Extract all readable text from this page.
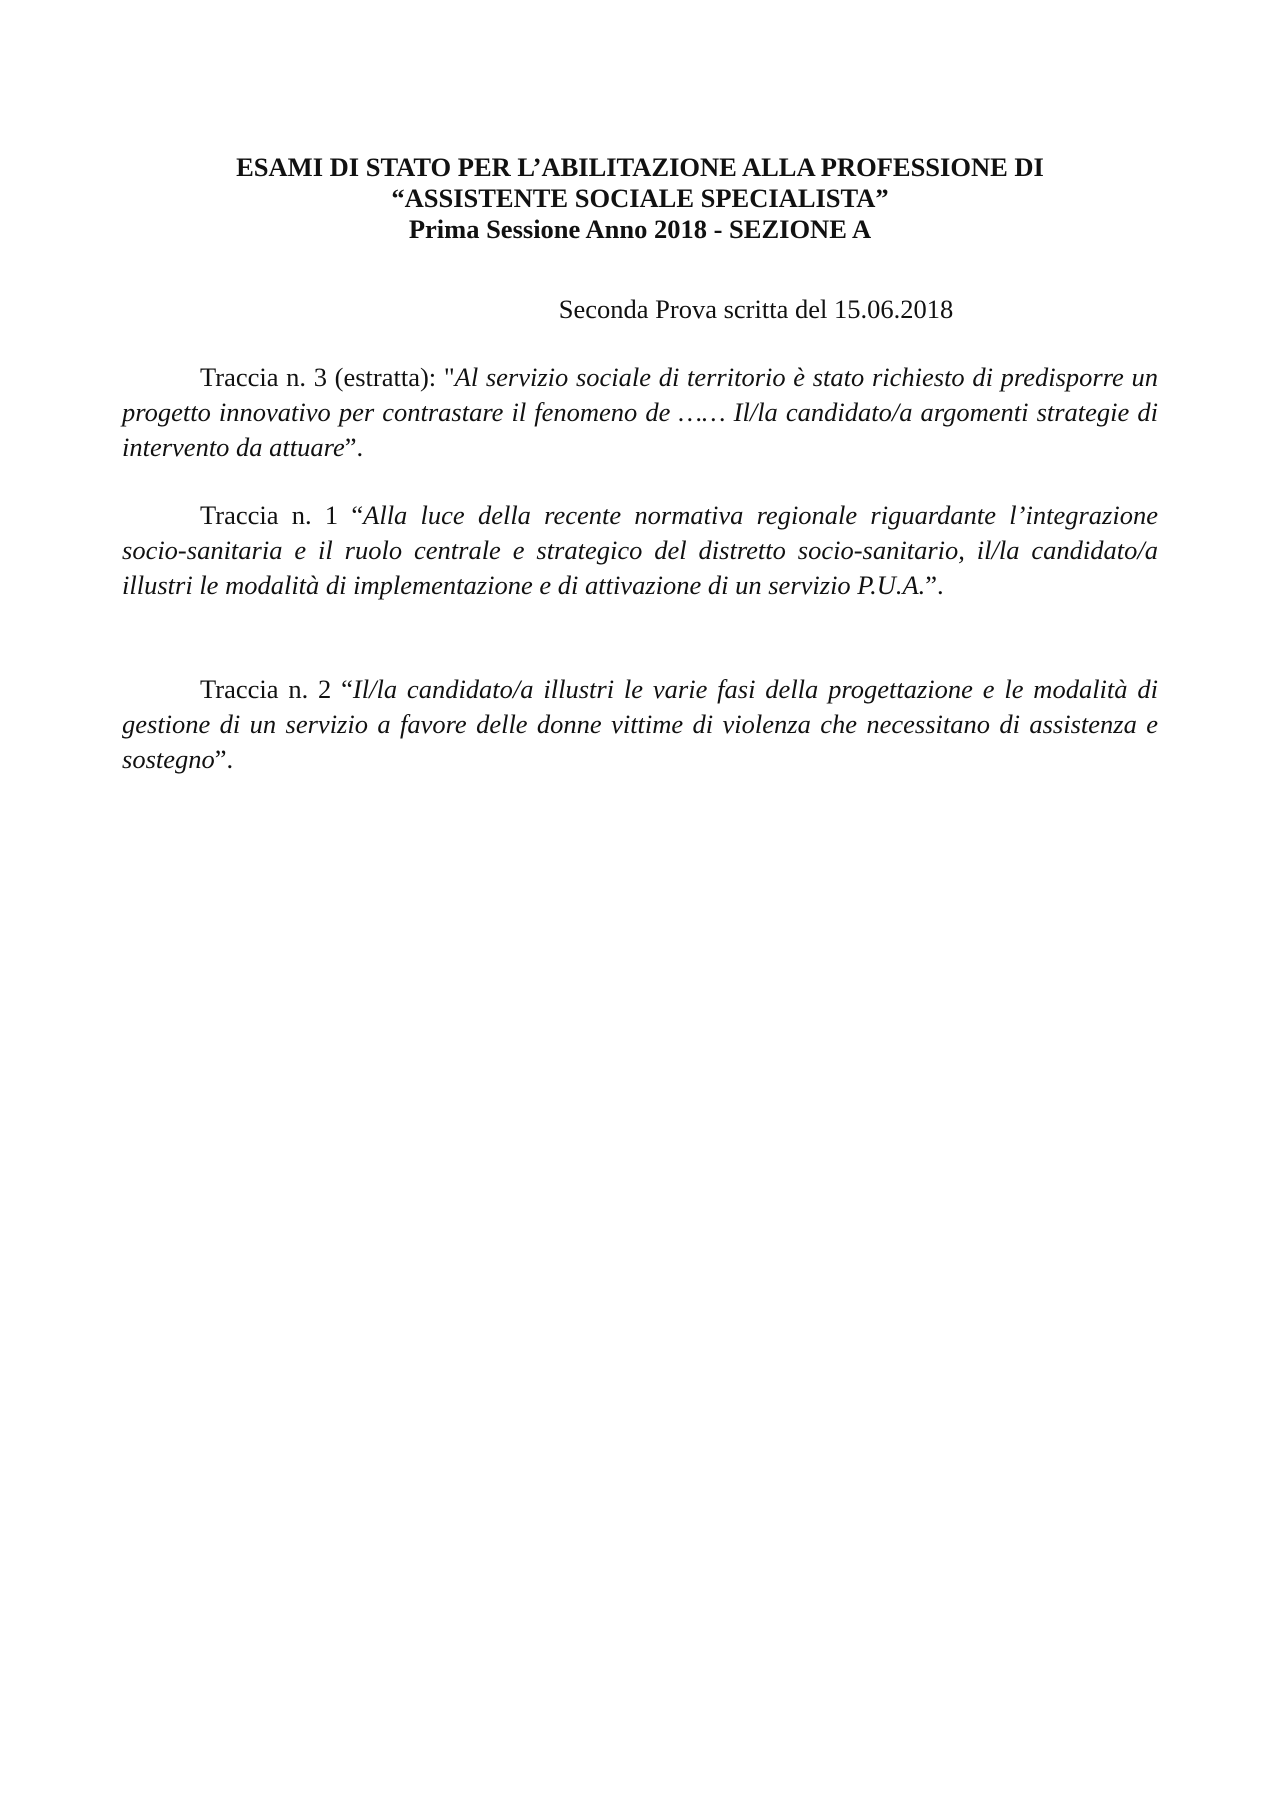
ESAMI DI STATO PER L’ABILITAZIONE ALLA PROFESSIONE DI
“ASSISTENTE SOCIALE SPECIALISTA”
Prima Sessione Anno 2018 - SEZIONE A
Seconda Prova scritta del 15.06.2018

Traccia n. 3 (estratta): "Al servizio sociale di territorio è stato richiesto di predisporre un progetto innovativo per contrastare il fenomeno de …… Il/la candidato/a argomenti strategie di intervento da attuare”.

Traccia n. 1 “Alla luce della recente normativa regionale riguardante l’integrazione socio-sanitaria e il ruolo centrale e strategico del distretto socio-sanitario, il/la candidato/a illustri le modalità di implementazione e di attivazione di un servizio P.U.A.”.

Traccia n. 2 “Il/la candidato/a illustri le varie fasi della progettazione e le modalità di gestione di un servizio a favore delle donne vittime di violenza che necessitano di assistenza e sostegno”.
